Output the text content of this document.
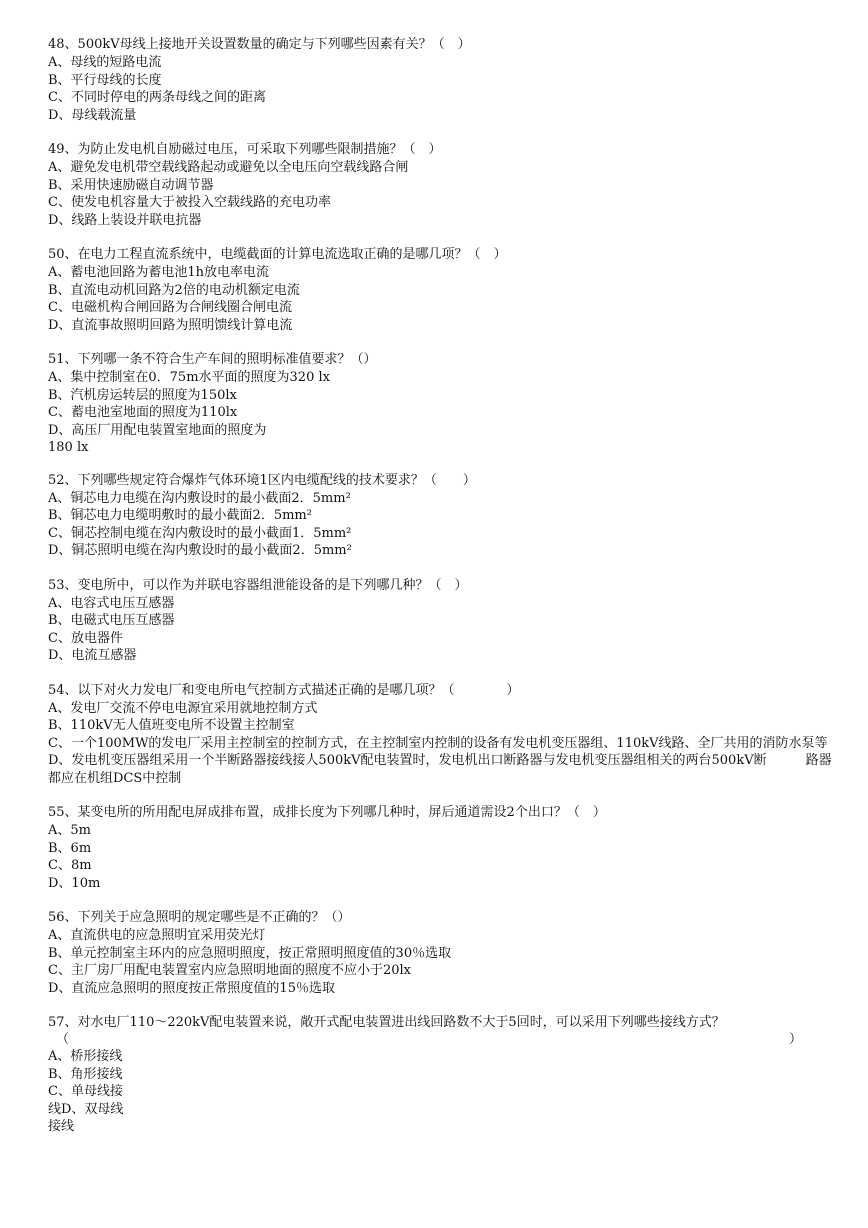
48、500kV母线上接地开关设置数量的确定与下列哪些因素有关？（　）
A、母线的短路电流
B、平行母线的长度
C、不同时停电的两条母线之间的距离
D、母线载流量
49、为防止发电机自励磁过电压，可采取下列哪些限制措施？（　）
A、避免发电机带空载线路起动或避免以全电压向空载线路合闸
B、采用快速励磁自动调节器
C、使发电机容量大于被投入空载线路的充电功率
D、线路上装设并联电抗器
50、在电力工程直流系统中，电缆截面的计算电流选取正确的是哪几项？（　）
A、蓄电池回路为蓄电池1h放电率电流
B、直流电动机回路为2倍的电动机额定电流
C、电磁机构合闸回路为合闸线圈合闸电流
D、直流事故照明回路为照明馈线计算电流
51、下列哪一条不符合生产车间的照明标准值要求？（）
A、集中控制室在0．75m水平面的照度为320 lx
B、汽机房运转层的照度为150lx
C、蓄电池室地面的照度为110lx
D、高压厂用配电装置室地面的照度为
180 lx
52、下列哪些规定符合爆炸气体环境1区内电缆配线的技术要求？（　　）
A、铜芯电力电缆在沟内敷设时的最小截面2．5mm²
B、铜芯电力电缆明敷时的最小截面2．5mm²
C、铜芯控制电缆在沟内敷设时的最小截面1．5mm²
D、铜芯照明电缆在沟内敷设时的最小截面2．5mm²
53、变电所中，可以作为并联电容器组泄能设备的是下列哪几种？（　）
A、电容式电压互感器
B、电磁式电压互感器
C、放电器件
D、电流互感器
54、以下对火力发电厂和变电所电气控制方式描述正确的是哪几项？（　　　　）
A、发电厂交流不停电电源宜采用就地控制方式
B、110kV无人值班变电所不设置主控制室
C、一个100MW的发电厂采用主控制室的控制方式，在主控制室内控制的设备有发电机变压器组、110kV线路、全厂共用的消防水泵等
D、发电机变压器组采用一个半断路器接线接人500kV配电装置时，发电机出口断路器与发电机变压器组相关的两台500kV断　　　路器都应在机组DCS中控制
55、某变电所的所用配电屏成排布置，成排长度为下列哪几种时，屏后通道需设2个出口？（　）
A、5m
B、6m
C、8m
D、10m
56、下列关于应急照明的规定哪些是不正确的？（）
A、直流供电的应急照明宜采用荧光灯
B、单元控制室主环内的应急照明照度，按正常照明照度值的30％选取
C、主厂房厂用配电装置室内应急照明地面的照度不应小于20lx
D、直流应急照明的照度按正常照度值的15％选取
57、对水电厂110～220kV配电装置来说，敞开式配电装置进出线回路数不大于5回时，可以采用下列哪些接线方式？
（	）
A、桥形接线
B、角形接线
C、单母线接
线D、双母线
接线
